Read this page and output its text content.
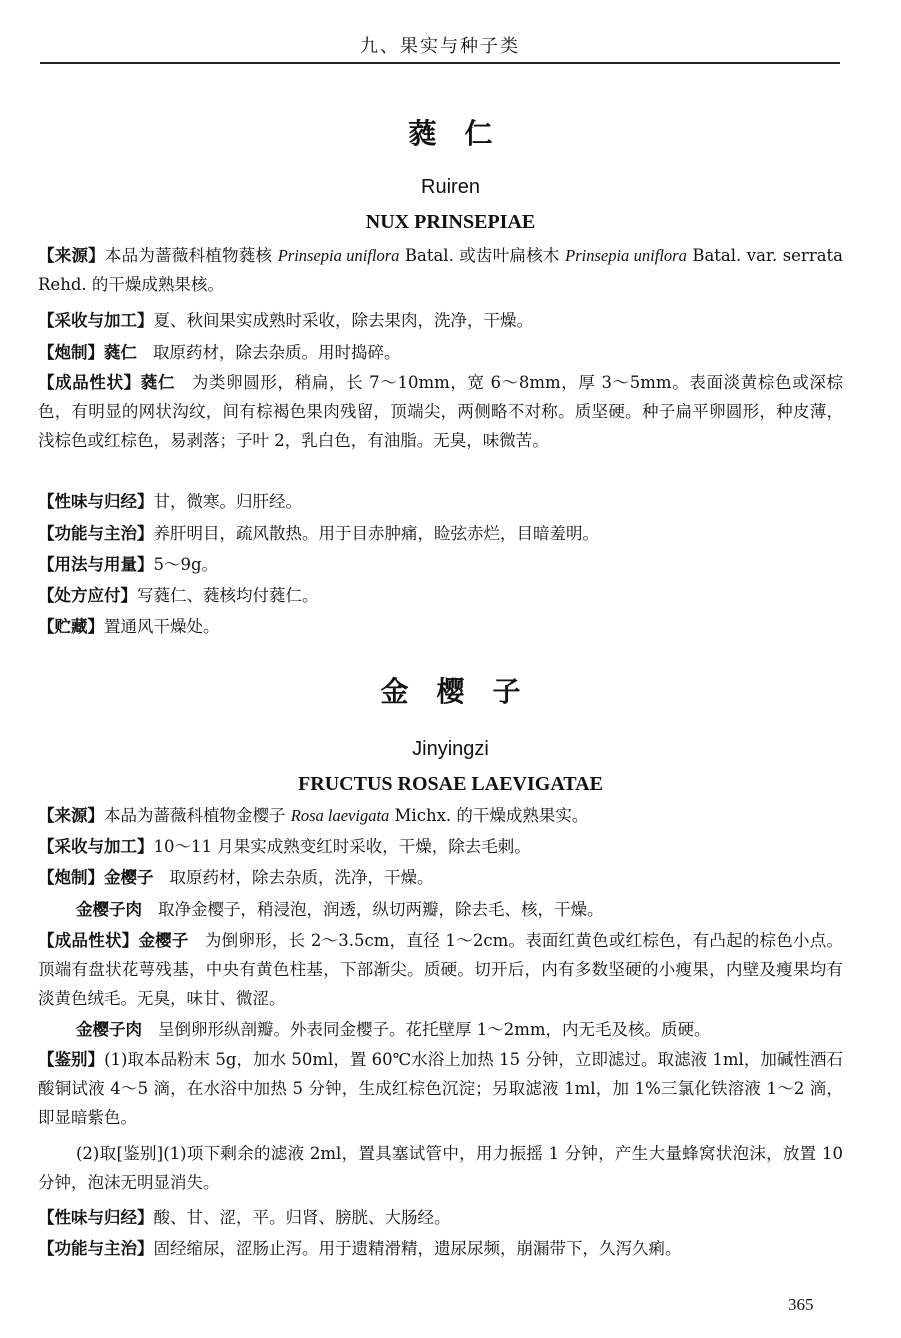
九、果实与种子类
蕤　仁
Ruiren
NUX PRINSEPIAE

【来源】本品为蔷薇科植物蕤核 Prinsepia uniflora Batal. 或齿叶扁核木 Prinsepia uniflora Batal. var. serrata Rehd. 的干燥成熟果核。

【采收与加工】夏、秋间果实成熟时采收，除去果肉，洗净，干燥。

【炮制】蕤仁 取原药材，除去杂质。用时捣碎。

【成品性状】蕤仁 为类卵圆形，稍扁，长 7～10mm，宽 6～8mm，厚 3～5mm。表面淡黄棕色或深棕色，有明显的网状沟纹，间有棕褐色果肉残留，顶端尖，两侧略不对称。质坚硬。种子扁平卵圆形，种皮薄，浅棕色或红棕色，易剥落；子叶 2，乳白色，有油脂。无臭，味微苦。

【性味与归经】甘，微寒。归肝经。

【功能与主治】养肝明目，疏风散热。用于目赤肿痛，睑弦赤烂，目暗羞明。

【用法与用量】5～9g。

【处方应付】写蕤仁、蕤核均付蕤仁。

【贮藏】置通风干燥处。

金　樱　子
Jinyingzi
FRUCTUS ROSAE LAEVIGATAE

【来源】本品为蔷薇科植物金樱子 Rosa laevigata Michx. 的干燥成熟果实。

【采收与加工】10～11 月果实成熟变红时采收，干燥，除去毛刺。

【炮制】金樱子 取原药材，除去杂质，洗净，干燥。

金樱子肉 取净金樱子，稍浸泡，润透，纵切两瓣，除去毛、核，干燥。

【成品性状】金樱子 为倒卵形，长 2～3.5cm，直径 1～2cm。表面红黄色或红棕色，有凸起的棕色小点。顶端有盘状花萼残基，中央有黄色柱基，下部渐尖。质硬。切开后，内有多数坚硬的小瘦果，内壁及瘦果均有淡黄色绒毛。无臭，味甘、微涩。

金樱子肉 呈倒卵形纵剖瓣。外表同金樱子。花托壁厚 1～2mm，内无毛及核。质硬。

【鉴别】(1)取本品粉末 5g，加水 50ml，置 60℃水浴上加热 15 分钟，立即滤过。取滤液 1ml，加碱性酒石酸铜试液 4～5 滴，在水浴中加热 5 分钟，生成红棕色沉淀；另取滤液 1ml，加 1%三氯化铁溶液 1～2 滴，即显暗紫色。

(2)取[鉴别](1)项下剩余的滤液 2ml，置具塞试管中，用力振摇 1 分钟，产生大量蜂窝状泡沫，放置 10 分钟，泡沫无明显消失。

【性味与归经】酸、甘、涩，平。归肾、膀胱、大肠经。

【功能与主治】固经缩尿，涩肠止泻。用于遗精滑精，遗尿尿频，崩漏带下，久泻久痢。

365
